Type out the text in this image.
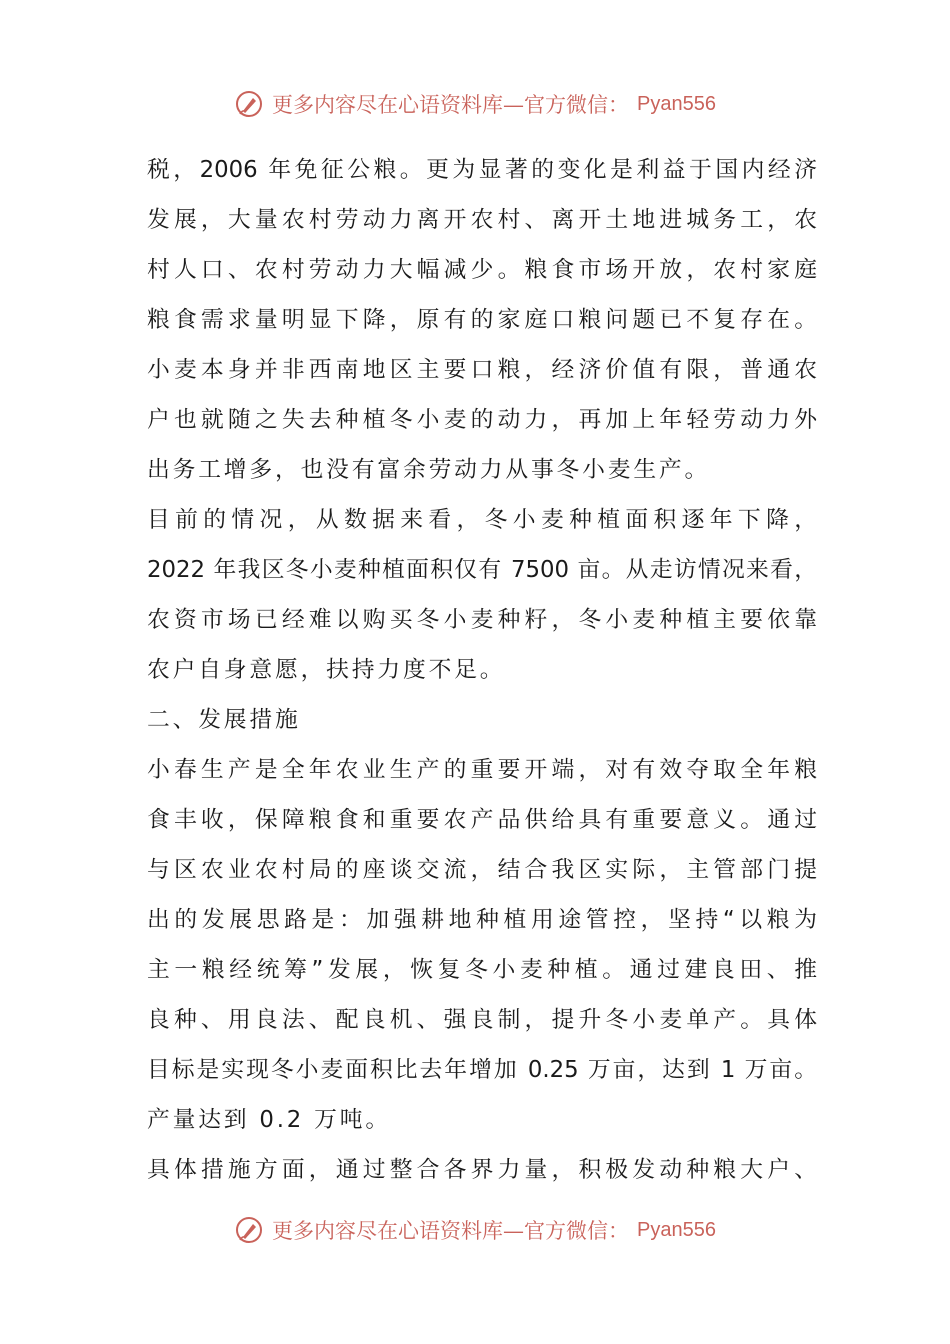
更多内容尽在心语资料库—官方微信： Pyan556
税，2006 年免征公粮。更为显著的变化是利益于国内经济
发展，大量农村劳动力离开农村、离开土地进城务工，农
村人口、农村劳动力大幅减少。粮食市场开放，农村家庭
粮食需求量明显下降，原有的家庭口粮问题已不复存在。
小麦本身并非西南地区主要口粮，经济价值有限，普通农
户也就随之失去种植冬小麦的动力，再加上年轻劳动力外
出务工增多，也没有富余劳动力从事冬小麦生产。
目前的情况，从数据来看，冬小麦种植面积逐年下降，
2022 年我区冬小麦种植面积仅有 7500 亩。从走访情况来看，
农资市场已经难以购买冬小麦种籽，冬小麦种植主要依靠
农户自身意愿，扶持力度不足。
二、发展措施
小春生产是全年农业生产的重要开端，对有效夺取全年粮
食丰收，保障粮食和重要农产品供给具有重要意义。通过
与区农业农村局的座谈交流，结合我区实际，主管部门提
出的发展思路是：加强耕地种植用途管控，坚持“以粮为
主一粮经统筹”发展，恢复冬小麦种植。通过建良田、推
良种、用良法、配良机、强良制，提升冬小麦单产。具体
目标是实现冬小麦面积比去年增加 0.25 万亩，达到 1 万亩。
产量达到 0.2 万吨。
具体措施方面，通过整合各界力量，积极发动种粮大户、
更多内容尽在心语资料库—官方微信： Pyan556
